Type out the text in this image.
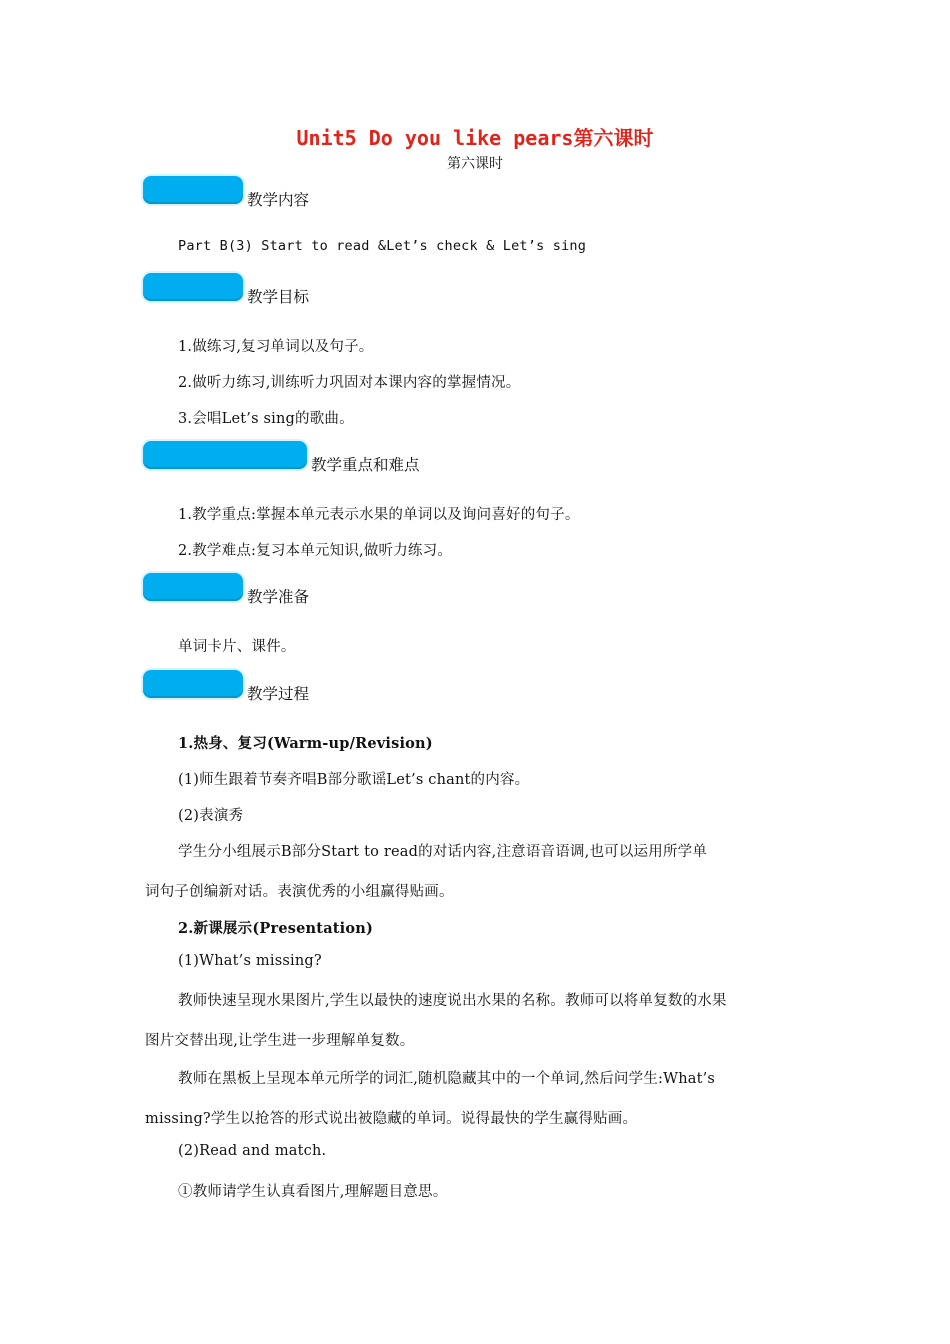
Unit5 Do you like pears第六课时
第六课时
教学内容
Part B(3) Start to read &Let’s check & Let’s sing
教学目标
1.做练习,复习单词以及句子。
2.做听力练习,训练听力巩固对本课内容的掌握情况。
3.会唱Let’s sing的歌曲。
教学重点和难点
1.教学重点:掌握本单元表示水果的单词以及询问喜好的句子。
2.教学难点:复习本单元知识,做听力练习。
教学准备
单词卡片、课件。
教学过程
1.热身、复习(Warm-up/Revision)
(1)师生跟着节奏齐唱B部分歌谣Let’s chant的内容。
(2)表演秀
学生分小组展示B部分Start to read的对话内容,注意语音语调,也可以运用所学单
词句子创编新对话。表演优秀的小组赢得贴画。
2.新课展示(Presentation)
(1)What’s missing?
教师快速呈现水果图片,学生以最快的速度说出水果的名称。教师可以将单复数的水果
图片交替出现,让学生进一步理解单复数。
教师在黑板上呈现本单元所学的词汇,随机隐藏其中的一个单词,然后问学生:What’s
missing?学生以抢答的形式说出被隐藏的单词。说得最快的学生赢得贴画。
(2)Read and match.
①教师请学生认真看图片,理解题目意思。
